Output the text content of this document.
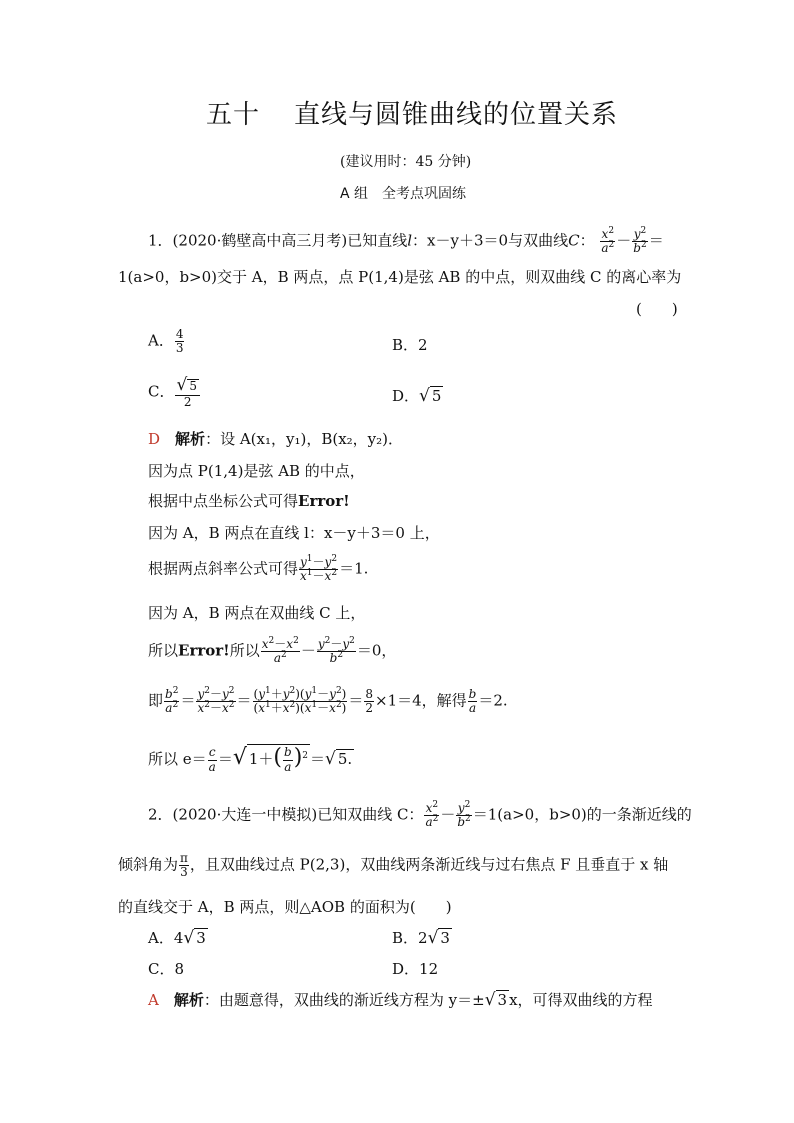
五十 直线与圆锥曲线的位置关系
(建议用时：45 分钟)
A 组　全考点巩固练
1．(2020·鹤壁高中高三月考)已知直线l：x－y＋3＝0与双曲线C： $\frac{x^2}{a^2} - \frac{y^2}{b^2}$ ＝
1(a>0，b>0)交于 A，B 两点，点 P(1,4)是弦 AB 的中点，则双曲线 C 的离心率为
(　　)
A． $\frac{4}{3}$	B．2
C． $\frac{√ 5}{2}$	D．√ 5
D　 解析：设 A(x₁，y₁)，B(x₂，y₂)．
因为点 P(1,4)是弦 AB 的中点，
根据中点坐标公式可得Error!
因为 A，B 两点在直线 l：x－y＋3＝0 上，
根据两点斜率公式可得 $\frac{y^1-y^2}{x^1-x^2} =1$.
因为 A，B 两点在双曲线 C 上，
所以Error!所以 $\frac{x^2-x^2}{a^2} - \frac{y^2-y^2}{b^2} =0$，
即 $\frac{b^2}{a^2} = \frac{y^2-y^2}{x^2-x^2} = \frac{(y^1+y^2)(y^1-y^2)}{(x^1+x^2)(x^1-x^2)} = \frac{8}{2} \times 1=4$，解得 $\frac{b}{a} =2$.
所以 $e= \frac{c}{a}$ ＝√ $1+( \frac{b}{a} )^2$ ＝√ 5.
2．(2020·大连一中模拟)已知双曲线 C： $\frac{x^2}{a^2} - \frac{y^2}{b^2} =1(a>0$，b>0)的一条渐近线的
倾斜角为 $\frac{\pi}{3}$ ，且双曲线过点 P(2,3)，双曲线两条渐近线与过右焦点 F 且垂直于 x 轴
的直线交于 A，B 两点，则△AOB 的面积为(　　)
A．4√ 3	B．2√ 3
C．8	D．12
A　 解析：由题意得，双曲线的渐近线方程为 y＝±√ 3 x，可得双曲线的方程
